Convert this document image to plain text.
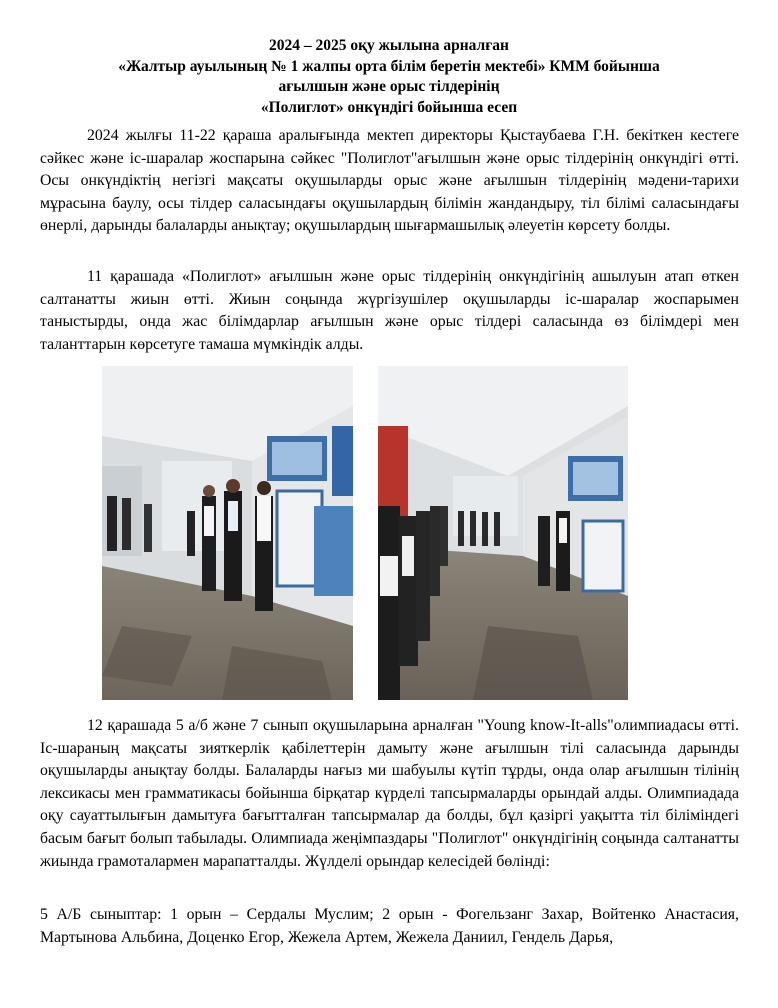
2024 – 2025 оқу жылына арналған
«Жалтыр ауылының № 1 жалпы орта білім беретін мектебі» КММ бойынша
ағылшын және орыс тілдерінің
«Полиглот» онкүндігі бойынша есеп

2024 жылғы 11-22 қараша аралығында мектеп директоры Қыстаубаева Г.Н. бекіткен кестеге сәйкес және іс-шаралар жоспарына сәйкес "Полиглот"ағылшын және орыс тілдерінің онкүндігі өтті. Осы онкүндіктің негізгі мақсаты оқушыларды орыс және ағылшын тілдерінің мәдени-тарихи мұрасына баулу, осы тілдер саласындағы оқушылардың білімін жандандыру, тіл білімі саласындағы өнерлі, дарынды балаларды анықтау; оқушылардың шығармашылық әлеуетін көрсету болды.

11 қарашада «Полиглот» ағылшын және орыс тілдерінің онкүндігінің ашылуын атап өткен салтанатты жиын өтті. Жиын соңында жүргізушілер оқушыларды іс-шаралар жоспарымен таныстырды, онда жас білімдарлар ағылшын және орыс тілдері саласында өз білімдері мен таланттарын көрсетуге тамаша мүмкіндік алды.

12 қарашада 5 а/б және 7 сынып оқушыларына арналған "Young know-It-alls"олимпиадасы өтті. Іс-шараның мақсаты зияткерлік қабілеттерін дамыту және ағылшын тілі саласында дарынды оқушыларды анықтау болды. Балаларды нағыз ми шабуылы күтіп тұрды, онда олар ағылшын тілінің лексикасы мен грамматикасы бойынша бірқатар күрделі тапсырмаларды орындай алды. Олимпиадада оқу сауаттылығын дамытуға бағытталған тапсырмалар да болды, бұл қазіргі уақытта тіл біліміндегі басым бағыт болып табылады. Олимпиада жеңімпаздары "Полиглот" онкүндігінің соңында салтанатты жиында грамоталармен марапатталды. Жүлделі орындар келесідей бөлінді:

5 А/Б сыныптар: 1 орын – Сердалы Муслим; 2 орын - Фогельзанг Захар, Войтенко Анастасия, Мартынова Альбина, Доценко Егор, Жежела Артем, Жежела Даниил, Гендель Дарья,
